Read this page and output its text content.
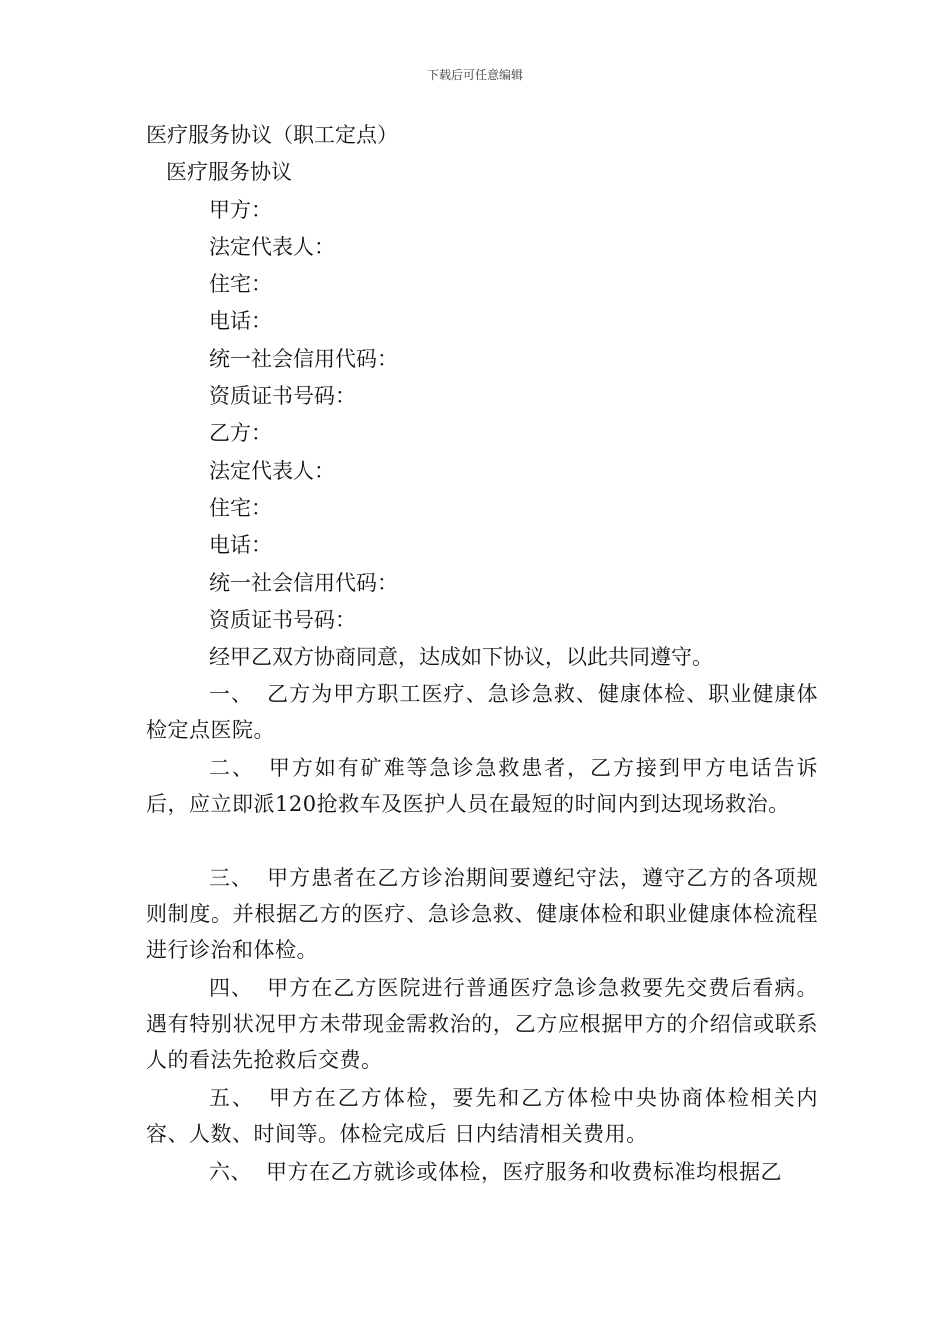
下载后可任意编辑

医疗服务协议（职工定点）

医疗服务协议

甲方：

法定代表人：

住宅：

电话：

统一社会信用代码：

资质证书号码：

乙方：

法定代表人：

住宅：

电话：

统一社会信用代码：

资质证书号码：

经甲乙双方协商同意，达成如下协议，以此共同遵守。

一、 乙方为甲方职工医疗、急诊急救、健康体检、职业健康体检定点医院。

二、 甲方如有矿难等急诊急救患者，乙方接到甲方电话告诉后，应立即派120抢救车及医护人员在最短的时间内到达现场救治。

三、 甲方患者在乙方诊治期间要遵纪守法，遵守乙方的各项规则制度。并根据乙方的医疗、急诊急救、健康体检和职业健康体检流程进行诊治和体检。

四、 甲方在乙方医院进行普通医疗急诊急救要先交费后看病。遇有特别状况甲方未带现金需救治的，乙方应根据甲方的介绍信或联系人的看法先抢救后交费。

五、 甲方在乙方体检，要先和乙方体检中央协商体检相关内容、人数、时间等。体检完成后 日内结清相关费用。

六、 甲方在乙方就诊或体检，医疗服务和收费标准均根据乙
